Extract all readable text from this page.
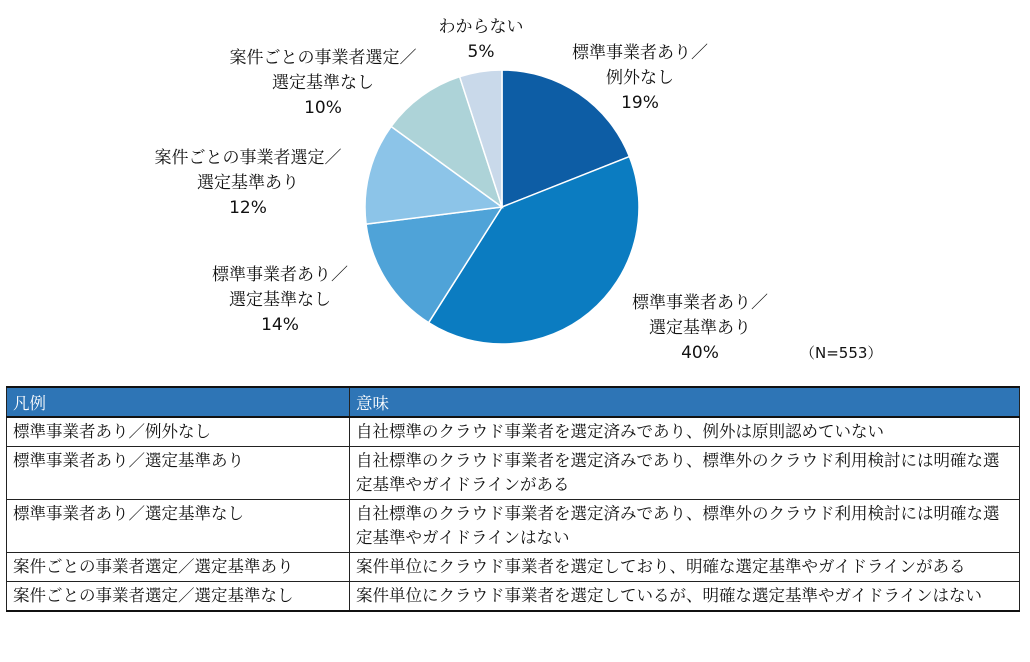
標準事業者あり／
例外なし
19%
標準事業者あり／
選定基準あり
40%
標準事業者あり／
選定基準なし
14%
案件ごとの事業者選定／
選定基準あり
12%
案件ごとの事業者選定／
選定基準なし
10%
わからない
5%
（N=553）
凡例	意味
標準事業者あり／例外なし	自社標準のクラウド事業者を選定済みであり、例外は原則認めていない
標準事業者あり／選定基準あり	自社標準のクラウド事業者を選定済みであり、標準外のクラウド利用検討には明確な選定基準やガイドラインがある
標準事業者あり／選定基準なし	自社標準のクラウド事業者を選定済みであり、標準外のクラウド利用検討には明確な選定基準やガイドラインはない
案件ごとの事業者選定／選定基準あり	案件単位にクラウド事業者を選定しており、明確な選定基準やガイドラインがある
案件ごとの事業者選定／選定基準なし	案件単位にクラウド事業者を選定しているが、明確な選定基準やガイドラインはない
